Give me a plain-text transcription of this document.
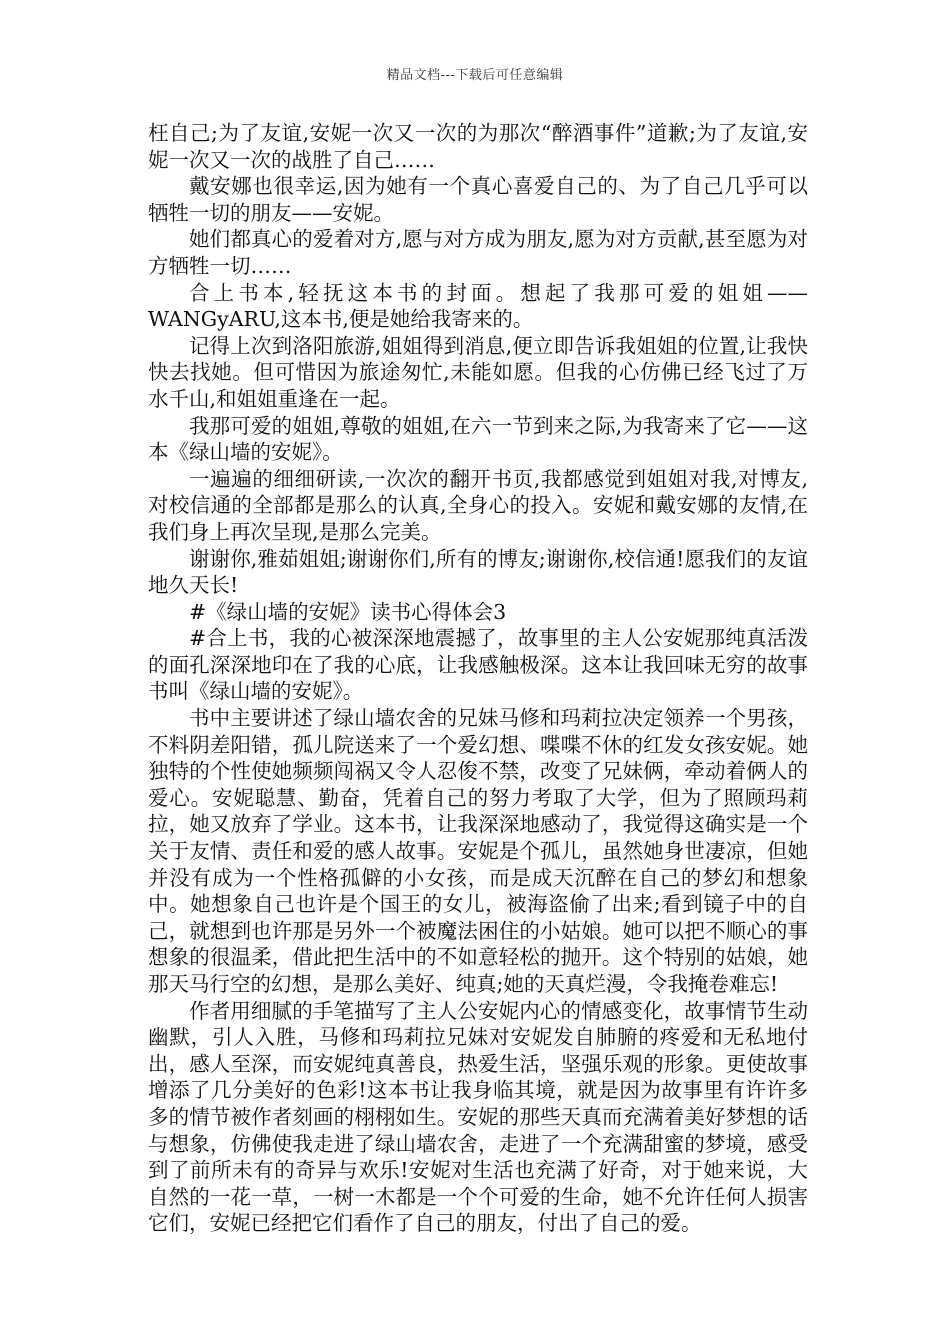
精品文档---下载后可任意编辑

枉自己;为了友谊,安妮一次又一次的为那次“醉酒事件”道歉;为了友谊,安妮一次又一次的战胜了自己……

戴安娜也很幸运,因为她有一个真心喜爱自己的、为了自己几乎可以牺牲一切的朋友——安妮。

她们都真心的爱着对方,愿与对方成为朋友,愿为对方贡献,甚至愿为对方牺牲一切……

合上书本,轻抚这本书的封面。想起了我那可爱的姐姐——WANGyARU,这本书,便是她给我寄来的。

记得上次到洛阳旅游,姐姐得到消息,便立即告诉我姐姐的位置,让我快快去找她。但可惜因为旅途匆忙,未能如愿。但我的心仿佛已经飞过了万水千山,和姐姐重逢在一起。

我那可爱的姐姐,尊敬的姐姐,在六一节到来之际,为我寄来了它——这本《绿山墙的安妮》。

一遍遍的细细研读,一次次的翻开书页,我都感觉到姐姐对我,对博友,对校信通的全部都是那么的认真,全身心的投入。安妮和戴安娜的友情,在我们身上再次呈现,是那么完美。

谢谢你,雅茹姐姐;谢谢你们,所有的博友;谢谢你,校信通!愿我们的友谊地久天长!

#《绿山墙的安妮》读书心得体会3

#合上书，我的心被深深地震撼了，故事里的主人公安妮那纯真活泼的面孔深深地印在了我的心底，让我感触极深。这本让我回味无穷的故事书叫《绿山墙的安妮》。

书中主要讲述了绿山墙农舍的兄妹马修和玛莉拉决定领养一个男孩，不料阴差阳错，孤儿院送来了一个爱幻想、喋喋不休的红发女孩安妮。她独特的个性使她频频闯祸又令人忍俊不禁，改变了兄妹俩，牵动着俩人的爱心。安妮聪慧、勤奋，凭着自己的努力考取了大学，但为了照顾玛莉拉，她又放弃了学业。这本书，让我深深地感动了，我觉得这确实是一个关于友情、责任和爱的感人故事。安妮是个孤儿，虽然她身世凄凉，但她并没有成为一个性格孤僻的小女孩，而是成天沉醉在自己的梦幻和想象中。她想象自己也许是个国王的女儿，被海盗偷了出来;看到镜子中的自己，就想到也许那是另外一个被魔法困住的小姑娘。她可以把不顺心的事想象的很温柔，借此把生活中的不如意轻松的抛开。这个特别的姑娘，她那天马行空的幻想，是那么美好、纯真;她的天真烂漫，令我掩卷难忘!

作者用细腻的手笔描写了主人公安妮内心的情感变化，故事情节生动幽默，引人入胜，马修和玛莉拉兄妹对安妮发自肺腑的疼爱和无私地付出，感人至深，而安妮纯真善良，热爱生活，坚强乐观的形象。更使故事增添了几分美好的色彩!这本书让我身临其境，就是因为故事里有许许多多的情节被作者刻画的栩栩如生。安妮的那些天真而充满着美好梦想的话与想象，仿佛使我走进了绿山墙农舍，走进了一个充满甜蜜的梦境，感受到了前所未有的奇异与欢乐!安妮对生活也充满了好奇，对于她来说，大自然的一花一草，一树一木都是一个个可爱的生命，她不允许任何人损害它们，安妮已经把它们看作了自己的朋友，付出了自己的爱。
